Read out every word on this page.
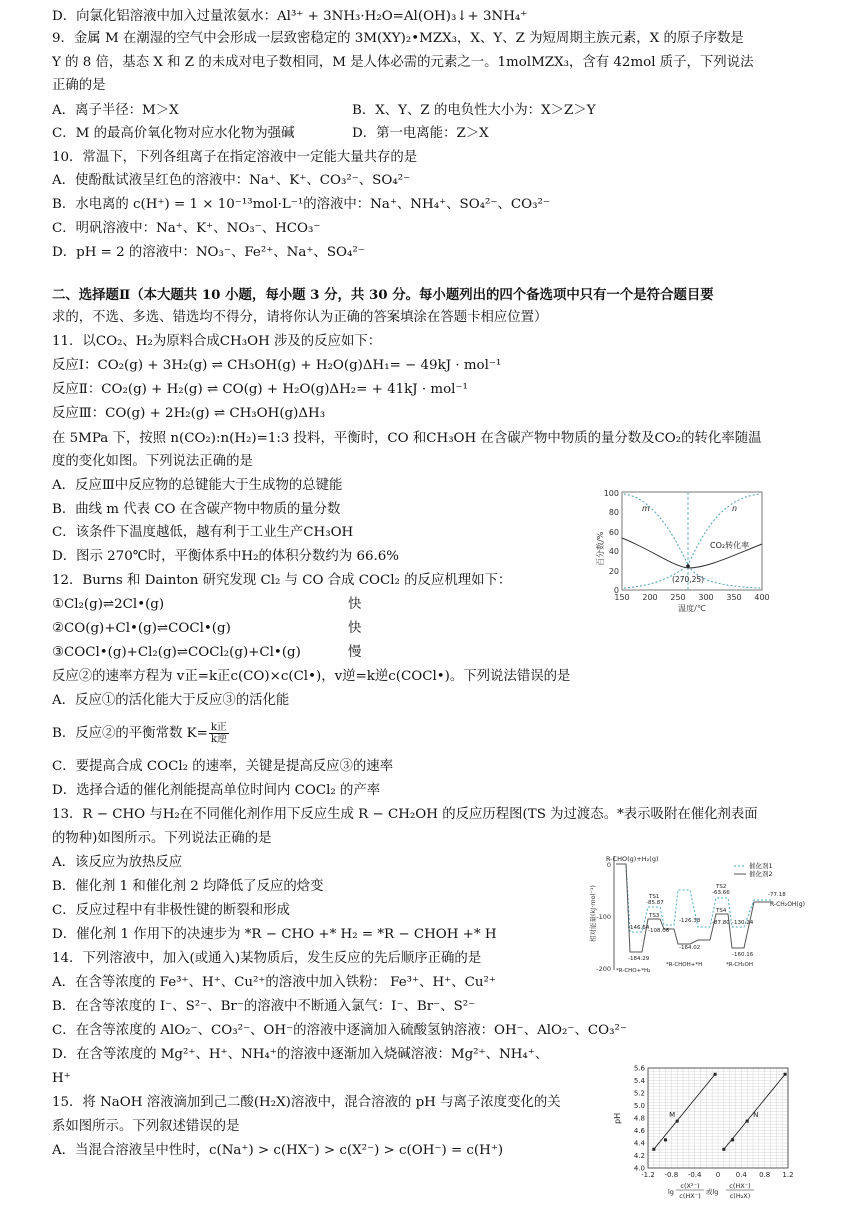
D．向氯化铝溶液中加入过量浓氨水：Al³⁺ + 3NH₃·H₂O=Al(OH)₃↓+ 3NH₄⁺
9．金属 M 在潮湿的空气中会形成一层致密稳定的 3M(XY)₂•MZX₃，X、Y、Z 为短周期主族元素，X 的原子序数是
Y 的 8 倍，基态 X 和 Z 的未成对电子数相同，M 是人体必需的元素之一。1molMZX₃，含有 42mol 质子，下列说法
正确的是
A．离子半径：M＞X	B．X、Y、Z 的电负性大小为：X＞Z＞Y
C．M 的最高价氧化物对应水化物为强碱	D．第一电离能：Z＞X
10．常温下，下列各组离子在指定溶液中一定能大量共存的是
A．使酚酞试液呈红色的溶液中：Na⁺、K⁺、CO₃²⁻、SO₄²⁻
B．水电离的 c(H⁺) = 1 × 10⁻¹³mol·L⁻¹的溶液中：Na⁺、NH₄⁺、SO₄²⁻、CO₃²⁻
C．明矾溶液中：Na⁺、K⁺、NO₃⁻、HCO₃⁻
D．pH = 2 的溶液中：NO₃⁻、Fe²⁺、Na⁺、SO₄²⁻
二、选择题Ⅱ（本大题共 10 小题，每小题 3 分，共 30 分。每小题列出的四个备选项中只有一个是符合题目要
求的，不选、多选、错选均不得分，请将你认为正确的答案填涂在答题卡相应位置）
11．以CO₂、H₂为原料合成CH₃OH 涉及的反应如下：
反应Ⅰ：CO₂(g) + 3H₂(g) ⇌ CH₃OH(g) + H₂O(g)ΔH₁= − 49kJ · mol⁻¹
反应Ⅱ：CO₂(g) + H₂(g) ⇌ CO(g) + H₂O(g)ΔH₂= + 41kJ · mol⁻¹
反应Ⅲ：CO(g) + 2H₂(g) ⇌ CH₃OH(g)ΔH₃
在 5MPa 下，按照 n(CO₂):n(H₂)=1:3 投料，平衡时，CO 和CH₃OH 在含碳产物中物质的量分数及CO₂的转化率随温
度的变化如图。下列说法正确的是
A．反应Ⅲ中反应物的总键能大于生成物的总键能
B．曲线 m 代表 CO 在含碳产物中物质的量分数
C．该条件下温度越低，越有利于工业生产CH₃OH
D．图示 270℃时，平衡体系中H₂的体积分数约为 66.6%
12．Burns 和 Dainton 研究发现 Cl₂ 与 CO 合成 COCl₂ 的反应机理如下：
①Cl₂(g)⇌2Cl•(g)	快
②CO(g)+Cl•(g)⇌COCl•(g)	快
③COCl•(g)+Cl₂(g)⇌COCl₂(g)+Cl•(g)	慢
反应②的速率方程为 v正=k正c(CO)×c(Cl•)，v逆=k逆c(COCl•)。下列说法错误的是
A．反应①的活化能大于反应③的活化能
B．反应②的平衡常数 K= k正
k逆
C．要提高合成 COCl₂ 的速率，关键是提高反应③的速率
D．选择合适的催化剂能提高单位时间内 COCl₂ 的产率
13．R − CHO 与H₂在不同催化剂作用下反应生成 R − CH₂OH 的反应历程图(TS 为过渡态。*表示吸附在催化剂表面
的物种)如图所示。下列说法正确的是
A．该反应为放热反应
B．催化剂 1 和催化剂 2 均降低了反应的焓变
C．反应过程中有非极性键的断裂和形成
D．催化剂 1 作用下的决速步为 *R − CHO +* H₂ = *R − CHOH +* H
14．下列溶液中，加入(或通入)某物质后，发生反应的先后顺序正确的是
A．在含等浓度的 Fe³⁺、H⁺、Cu²⁺的溶液中加入铁粉： Fe³⁺、H⁺、Cu²⁺
B．在含等浓度的 I⁻、S²⁻、Br⁻的溶液中不断通入氯气：I⁻、Br⁻、S²⁻
C．在含等浓度的 AlO₂⁻、CO₃²⁻、OH⁻的溶液中逐滴加入硫酸氢钠溶液：OH⁻、AlO₂⁻、CO₃²⁻
D．在含等浓度的 Mg²⁺、H⁺、NH₄⁺的溶液中逐渐加入烧碱溶液：Mg²⁺、NH₄⁺、
H⁺
15．将 NaOH 溶液滴加到己二酸(H₂X)溶液中，混合溶液的 pH 与离子浓度变化的关
系如图所示。下列叙述错误的是
A．当混合溶液呈中性时，c(Na⁺) > c(HX⁻) > c(X²⁻) > c(OH⁻) = c(H⁺)
百分数/%
0
20
40
60
80
100
150 200 250 300 350 400
温度/℃
m	n
CO₂转化率
(270,25)
相对能量(kJ·mol⁻¹)
0
-100
-200
R-CHO(g)+H₂(g)
催化剂1
催化剂2
-85.87
-108.06
-146.64
-184.29
-126.38
-164.02
-63.66
-87.80 -130.24
-160.16
-77.18
TS1
TS3
TS2
TS4
R-CH₂OH(g)
*R-CHO+*H₂
*R-CHOH+*H	*R-CH₂OH
pH
4.0
4.2
4.4
4.6
4.8
5.0
5.2
5.4
5.6
-1.2 -0.8 -0.4 0 0.4 0.8 1.2
M	N
lg
c(X²⁻)
c(HX⁻) 或lg
c(HX⁻)
c(H₂X)
